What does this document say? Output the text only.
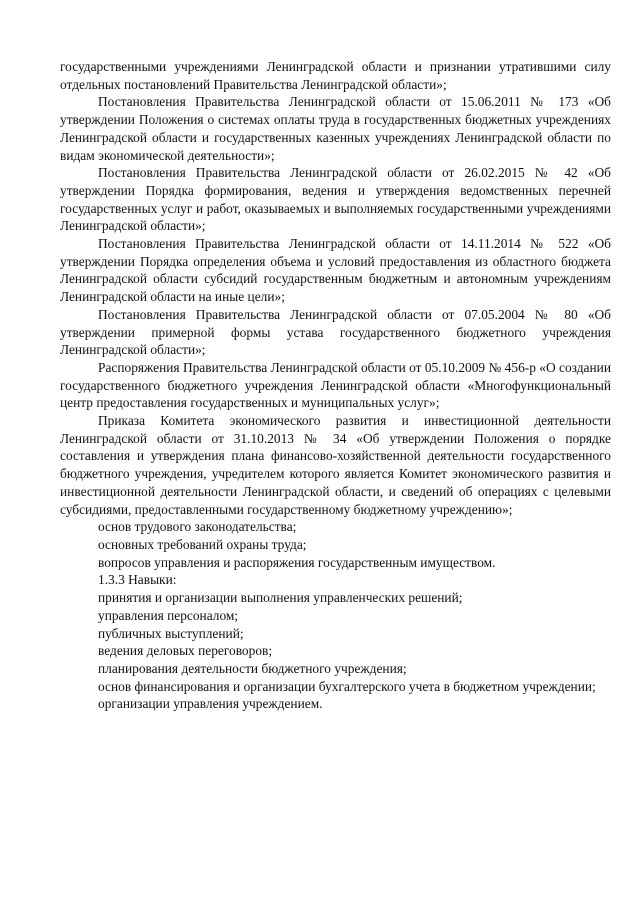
государственными учреждениями Ленинградской области и признании утратившими силу отдельных постановлений Правительства Ленинградской области»;

Постановления Правительства Ленинградской области от 15.06.2011 № 173 «Об утверждении Положения о системах оплаты труда в государственных бюджетных учреждениях Ленинградской области и государственных казенных учреждениях Ленинградской области по видам экономической деятельности»;

Постановления Правительства Ленинградской области от 26.02.2015 № 42 «Об утверждении Порядка формирования, ведения и утверждения ведомственных перечней государственных услуг и работ, оказываемых и выполняемых государственными учреждениями Ленинградской области»;

Постановления Правительства Ленинградской области от 14.11.2014 № 522 «Об утверждении Порядка определения объема и условий предоставления из областного бюджета Ленинградской области субсидий государственным бюджетным и автономным учреждениям Ленинградской области на иные цели»;

Постановления Правительства Ленинградской области от 07.05.2004 № 80 «Об утверждении примерной формы устава государственного бюджетного учреждения Ленинградской области»;

Распоряжения Правительства Ленинградской области от 05.10.2009 № 456-р «О создании государственного бюджетного учреждения Ленинградской области «Многофункциональный центр предоставления государственных и муниципальных услуг»;

Приказа Комитета экономического развития и инвестиционной деятельности Ленинградской области от 31.10.2013 № 34 «Об утверждении Положения о порядке составления и утверждения плана финансово-хозяйственной деятельности государственного бюджетного учреждения, учредителем которого является Комитет экономического развития и инвестиционной деятельности Ленинградской области, и сведений об операциях с целевыми субсидиями, предоставленными государственному бюджетному учреждению»;

основ трудового законодательства;

основных требований охраны труда;

вопросов управления и распоряжения государственным имуществом.

1.3.3 Навыки:

принятия и организации выполнения управленческих решений;

управления персоналом;

публичных выступлений;

ведения деловых переговоров;

планирования деятельности бюджетного учреждения;

основ финансирования и организации бухгалтерского учета в бюджетном учреждении;

организации управления учреждением.
